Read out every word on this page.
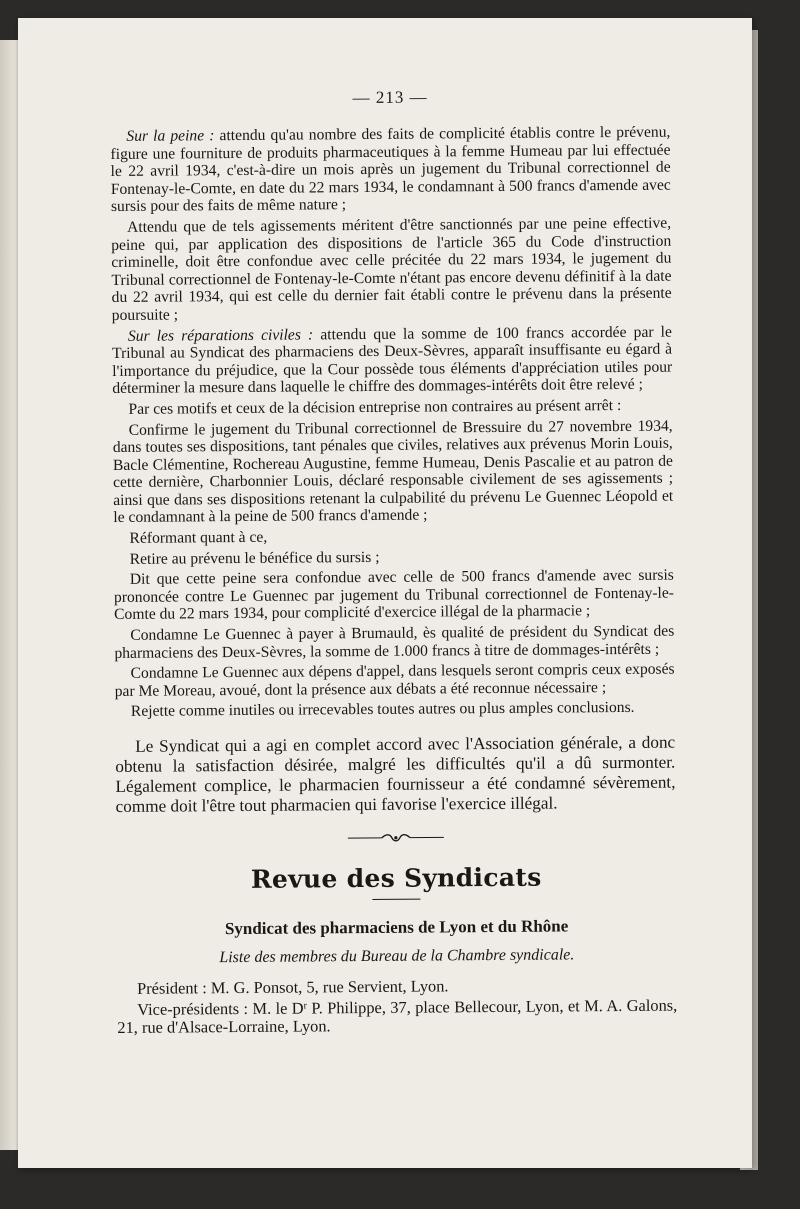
— 213 —

Sur la peine : attendu qu'au nombre des faits de complicité établis contre le prévenu, figure une fourniture de produits pharmaceutiques à la femme Humeau par lui effectuée le 22 avril 1934, c'est-à-dire un mois après un jugement du Tribunal correctionnel de Fontenay-le-Comte, en date du 22 mars 1934, le condamnant à 500 francs d'amende avec sursis pour des faits de même nature ;

Attendu que de tels agissements méritent d'être sanctionnés par une peine effective, peine qui, par application des dispositions de l'article 365 du Code d'instruction criminelle, doit être confondue avec celle précitée du 22 mars 1934, le jugement du Tribunal correctionnel de Fontenay-le-Comte n'étant pas encore devenu définitif à la date du 22 avril 1934, qui est celle du dernier fait établi contre le prévenu dans la présente poursuite ;

Sur les réparations civiles : attendu que la somme de 100 francs accordée par le Tribunal au Syndicat des pharmaciens des Deux-Sèvres, apparaît insuffisante eu égard à l'importance du préjudice, que la Cour possède tous éléments d'appréciation utiles pour déterminer la mesure dans laquelle le chiffre des dommages-intérêts doit être relevé ;

Par ces motifs et ceux de la décision entreprise non contraires au présent arrêt :

Confirme le jugement du Tribunal correctionnel de Bressuire du 27 novembre 1934, dans toutes ses dispositions, tant pénales que civiles, relatives aux prévenus Morin Louis, Bacle Clémentine, Rochereau Augustine, femme Humeau, Denis Pascalie et au patron de cette dernière, Charbonnier Louis, déclaré responsable civilement de ses agissements ; ainsi que dans ses dispositions retenant la culpabilité du prévenu Le Guennec Léopold et le condamnant à la peine de 500 francs d'amende ;

Réformant quant à ce,

Retire au prévenu le bénéfice du sursis ;

Dit que cette peine sera confondue avec celle de 500 francs d'amende avec sursis prononcée contre Le Guennec par jugement du Tribunal correctionnel de Fontenay-le-Comte du 22 mars 1934, pour complicité d'exercice illégal de la pharmacie ;

Condamne Le Guennec à payer à Brumauld, ès qualité de président du Syndicat des pharmaciens des Deux-Sèvres, la somme de 1.000 francs à titre de dommages-intérêts ;

Condamne Le Guennec aux dépens d'appel, dans lesquels seront compris ceux exposés par Me Moreau, avoué, dont la présence aux débats a été reconnue nécessaire ;

Rejette comme inutiles ou irrecevables toutes autres ou plus amples conclusions.

Le Syndicat qui a agi en complet accord avec l'Association générale, a donc obtenu la satisfaction désirée, malgré les difficultés qu'il a dû surmonter. Légalement complice, le pharmacien fournisseur a été condamné sévèrement, comme doit l'être tout pharmacien qui favorise l'exercice illégal.

Revue des Syndicats
Syndicat des pharmaciens de Lyon et du Rhône
Liste des membres du Bureau de la Chambre syndicale.
Président : M. G. Ponsot, 5, rue Servient, Lyon.
Vice-présidents : M. le $D^r$ P. Philippe, 37, place Bellecour, Lyon, et M. A. Galons, 21, rue d'Alsace-Lorraine, Lyon.
